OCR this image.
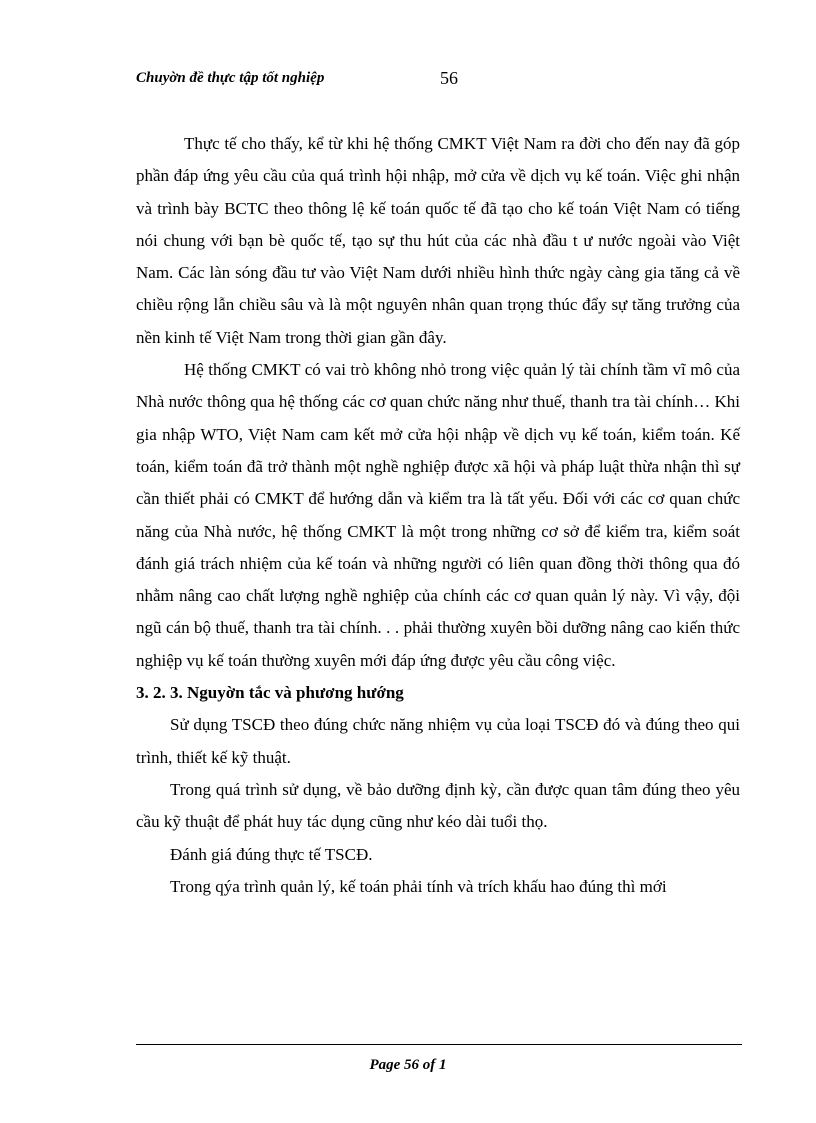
Chuyờn đề thực tập tốt nghiệp	56

Thực tế cho thấy, kể từ khi hệ thống CMKT Việt Nam ra đời cho đến nay đã góp phần đáp ứng yêu cầu của quá trình hội nhập, mở cửa về dịch vụ kế toán. Việc ghi nhận và trình bày BCTC theo thông lệ kế toán quốc tế đã tạo cho kế toán Việt Nam có tiếng nói chung với bạn bè quốc tế, tạo sự thu hút của các nhà đầu t ư nước ngoài vào Việt Nam. Các làn sóng đầu tư vào Việt Nam dưới nhiều hình thức ngày càng gia tăng cả về chiều rộng lẫn chiều sâu và là một nguyên nhân quan trọng thúc đẩy sự tăng trưởng của nền kinh tế Việt Nam trong thời gian gần đây.

Hệ thống CMKT có vai trò không nhỏ trong việc quản lý tài chính tầm vĩ mô của Nhà nước thông qua hệ thống các cơ quan chức năng như thuế, thanh tra tài chính… Khi gia nhập WTO, Việt Nam cam kết mở cửa hội nhập về dịch vụ kế toán, kiểm toán. Kế toán, kiểm toán đã trở thành một nghề nghiệp được xã hội và pháp luật thừa nhận thì sự cần thiết phải có CMKT để hướng dẫn và kiểm tra là tất yếu. Đối với các cơ quan chức năng của Nhà nước, hệ thống CMKT là một trong những cơ sở để kiểm tra, kiểm soát đánh giá trách nhiệm của kế toán và những người có liên quan đồng thời thông qua đó nhằm nâng cao chất lượng nghề nghiệp của chính các cơ quan quản lý này. Vì vậy, đội ngũ cán bộ thuế, thanh tra tài chính. . . phải thường xuyên bồi dưỡng nâng cao kiến thức nghiệp vụ kế toán thường xuyên mới đáp ứng được yêu cầu công việc.

3. 2. 3. Nguyờn tắc và phương hướng

Sử dụng TSCĐ theo đúng chức năng nhiệm vụ của loại TSCĐ đó và đúng theo qui trình, thiết kế kỹ thuật.

Trong quá trình sử dụng, về bảo dưỡng định kỳ, cần được quan tâm đúng theo yêu cầu kỹ thuật để phát huy tác dụng cũng như kéo dài tuổi thọ.

Đánh giá đúng thực tế TSCĐ.

Trong qýa trình quản lý, kế toán phải tính và trích khấu hao đúng thì mới

Page 56 of 1
